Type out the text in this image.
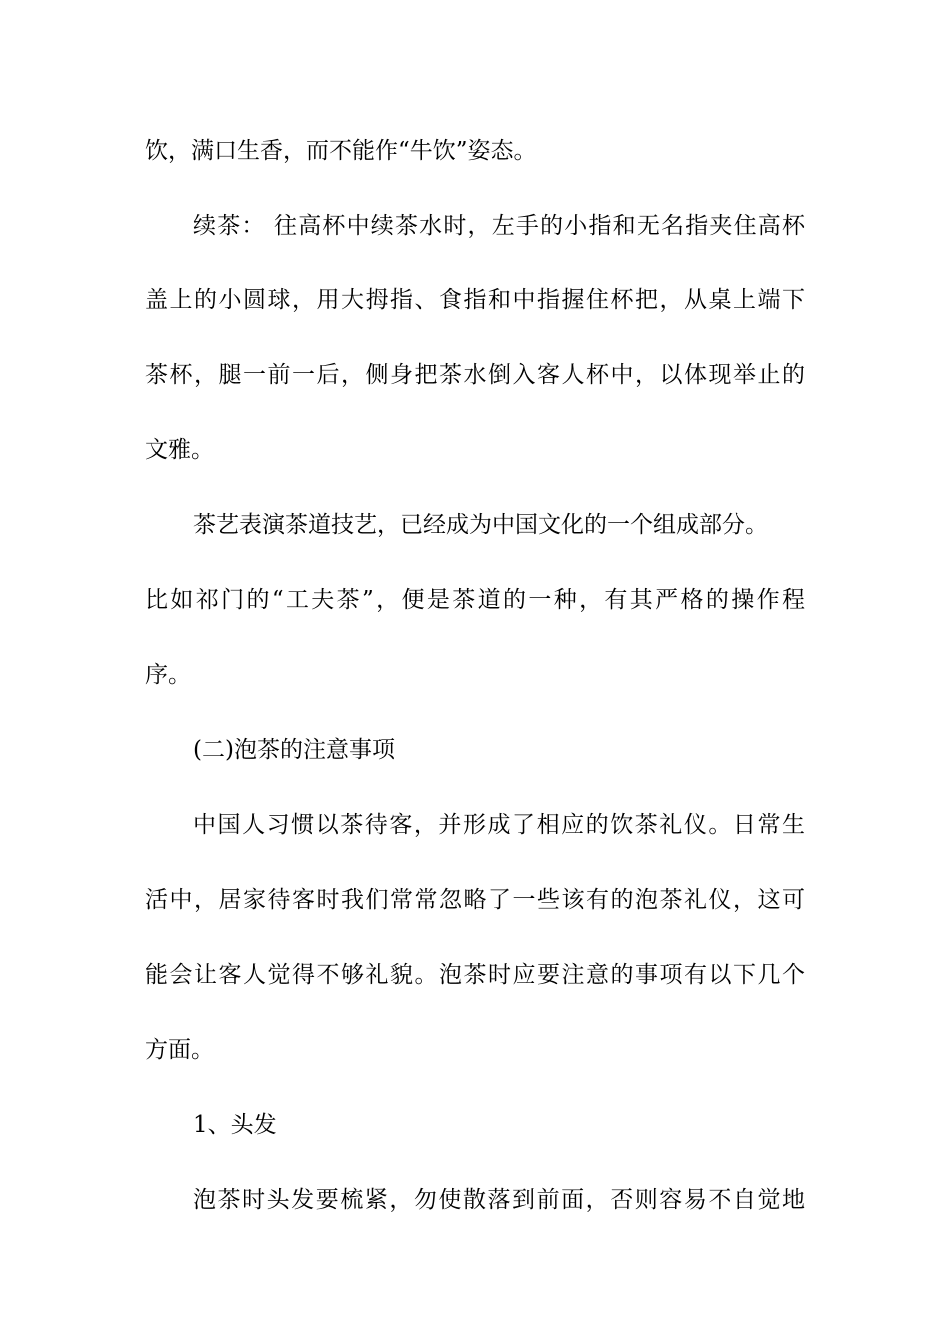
饮，满口生香，而不能作“牛饮”姿态。
续茶： 往高杯中续茶水时，左手的小指和无名指夹住高杯
盖上的小圆球，用大拇指、食指和中指握住杯把，从桌上端下
茶杯，腿一前一后，侧身把茶水倒入客人杯中，以体现举止的
文雅。
茶艺表演茶道技艺，已经成为中国文化的一个组成部分。
比如祁门的“工夫茶”，便是茶道的一种，有其严格的操作程
序。
(二)泡茶的注意事项
中国人习惯以茶待客，并形成了相应的饮茶礼仪。日常生
活中，居家待客时我们常常忽略了一些该有的泡茶礼仪，这可
能会让客人觉得不够礼貌。泡茶时应要注意的事项有以下几个
方面。
1、头发
泡茶时头发要梳紧，勿使散落到前面，否则容易不自觉地
